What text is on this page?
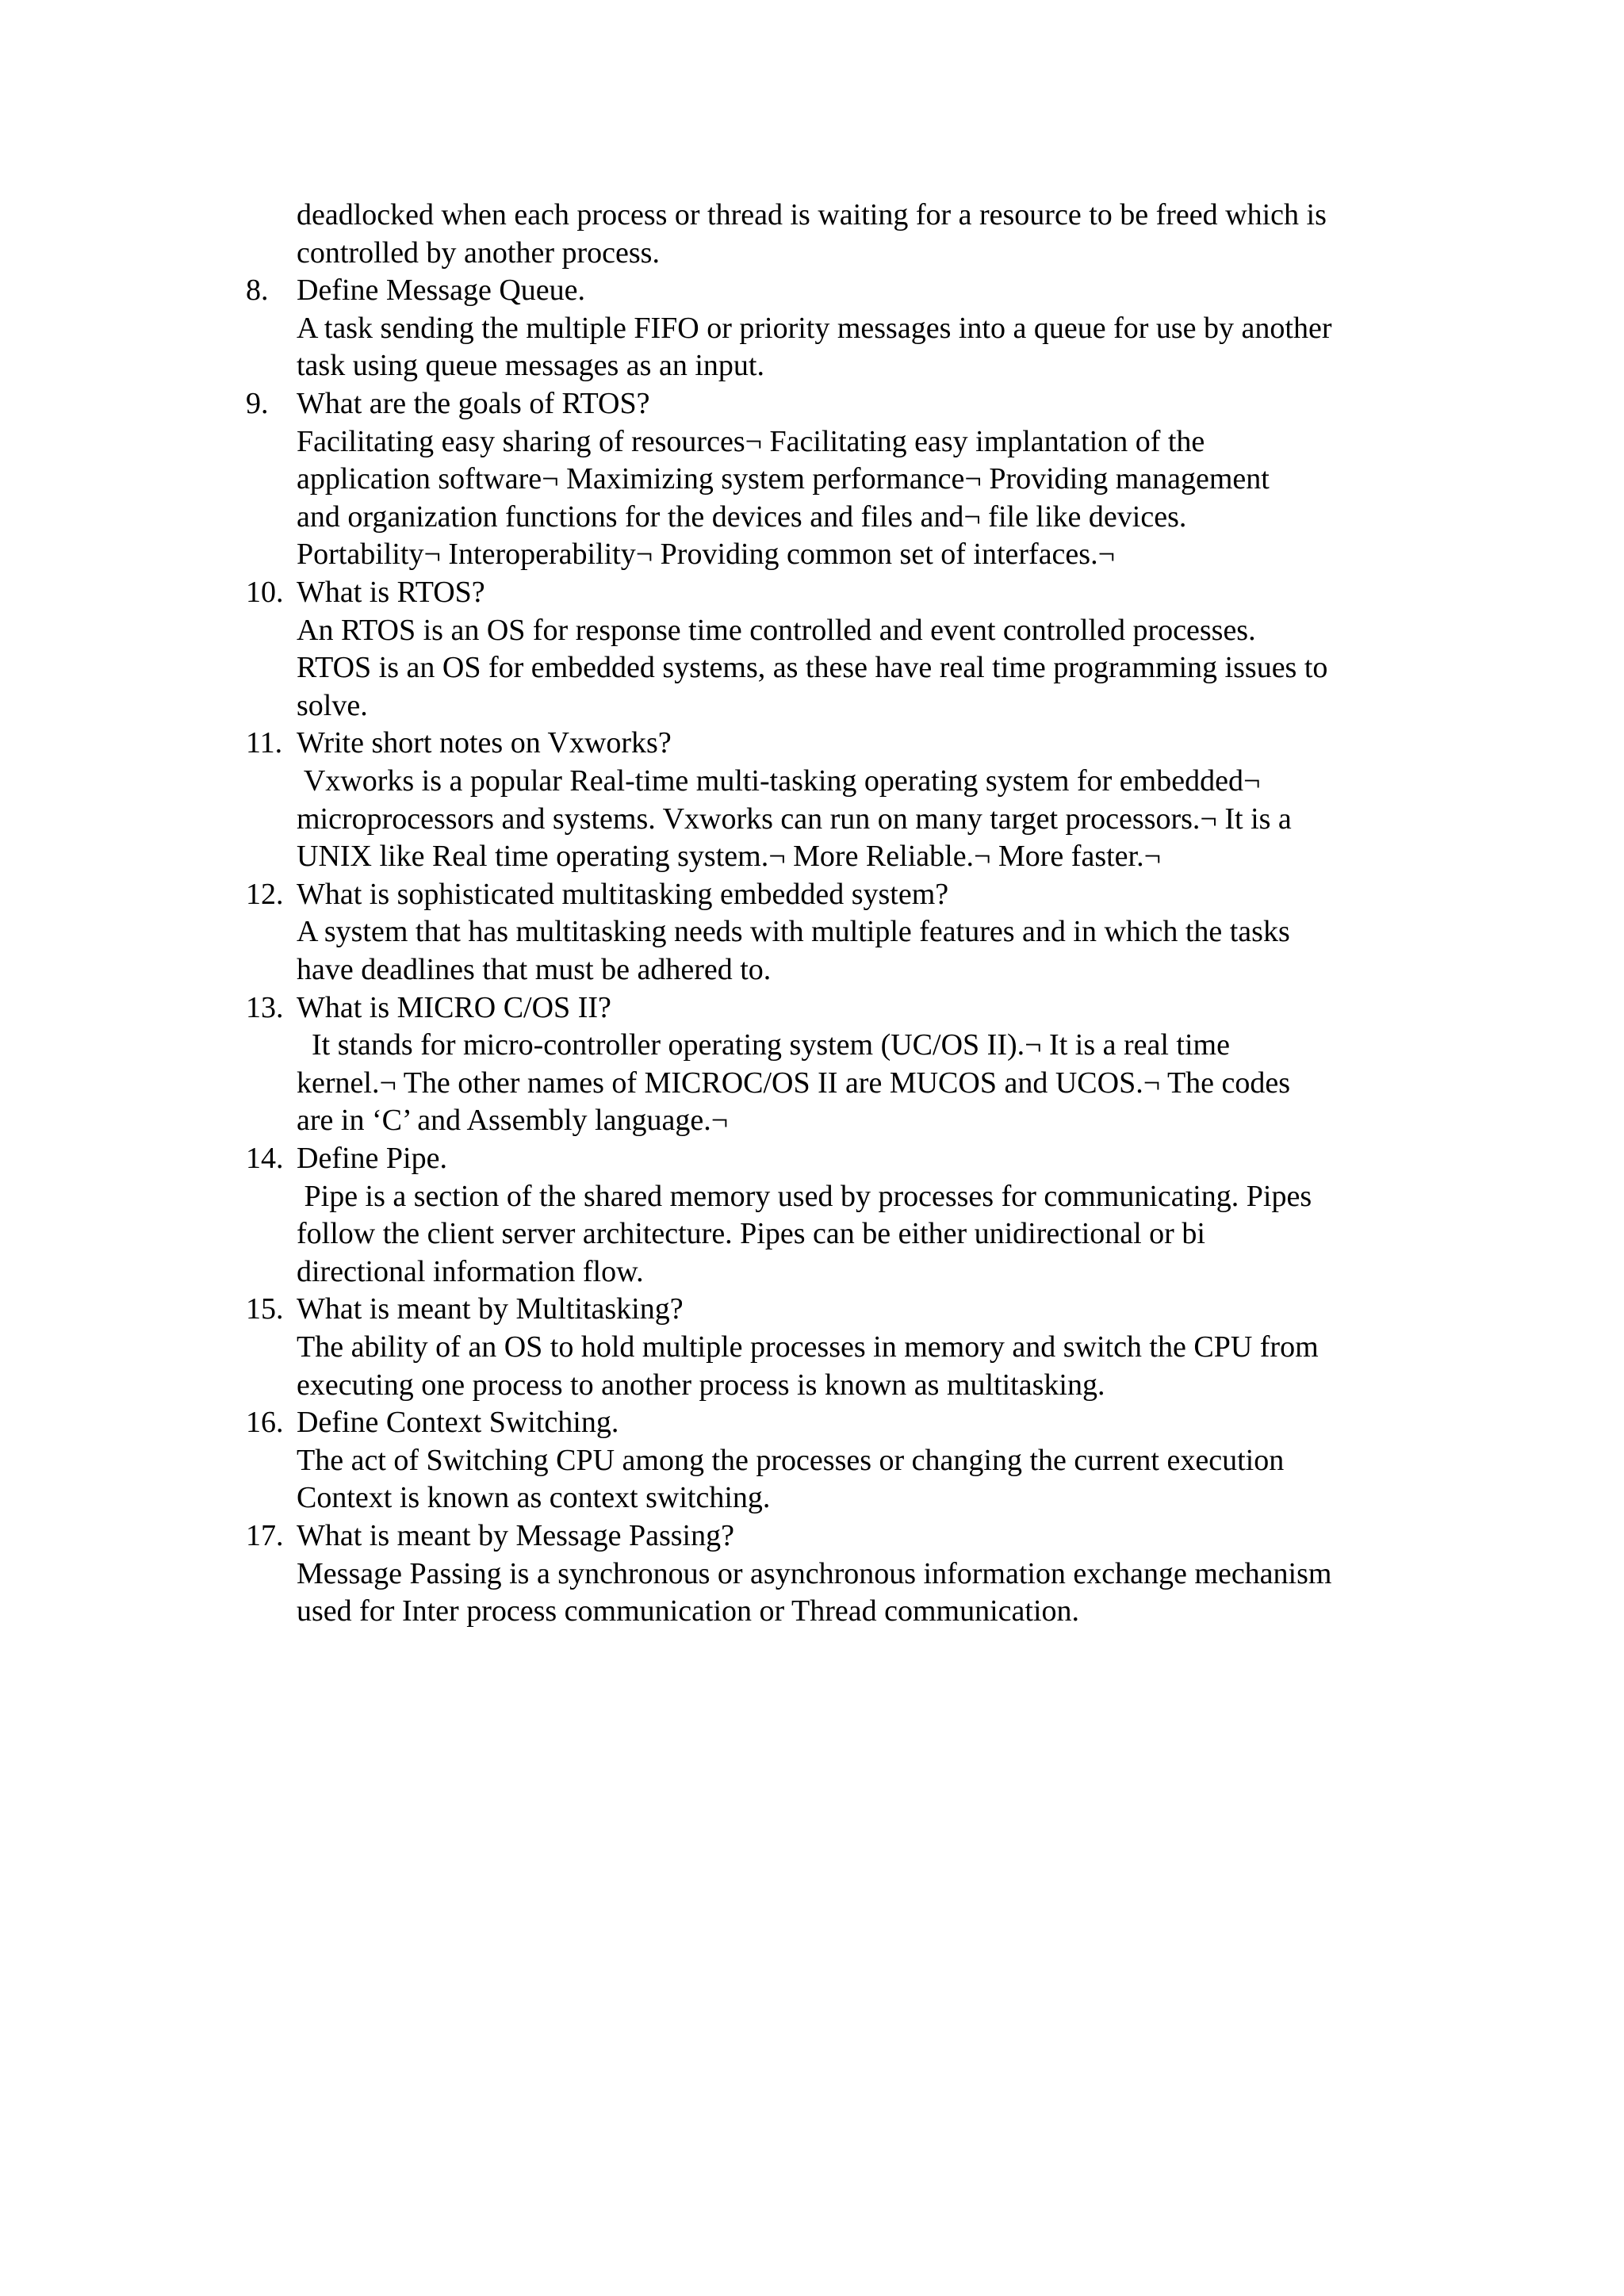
deadlocked when each process or thread is waiting for a resource to be freed which is
controlled by another process.
8. Define Message Queue.
A task sending the multiple FIFO or priority messages into a queue for use by another
task using queue messages as an input.
9. What are the goals of RTOS?
Facilitating easy sharing of resources¬ Facilitating easy implantation of the
application software¬ Maximizing system performance¬ Providing management
and organization functions for the devices and files and¬ file like devices.
Portability¬ Interoperability¬ Providing common set of interfaces.¬
10. What is RTOS?
An RTOS is an OS for response time controlled and event controlled processes.
RTOS is an OS for embedded systems, as these have real time programming issues to
solve.
11. Write short notes on Vxworks?
Vxworks is a popular Real-time multi-tasking operating system for embedded¬
microprocessors and systems. Vxworks can run on many target processors.¬ It is a
UNIX like Real time operating system.¬ More Reliable.¬ More faster.¬
12. What is sophisticated multitasking embedded system?
A system that has multitasking needs with multiple features and in which the tasks
have deadlines that must be adhered to.
13. What is MICRO C/OS II?
It stands for micro-controller operating system (UC/OS II).¬ It is a real time
kernel.¬ The other names of MICROC/OS II are MUCOS and UCOS.¬ The codes
are in ‘C’ and Assembly language.¬
14. Define Pipe.
Pipe is a section of the shared memory used by processes for communicating. Pipes
follow the client server architecture. Pipes can be either unidirectional or bi
directional information flow.
15. What is meant by Multitasking?
The ability of an OS to hold multiple processes in memory and switch the CPU from
executing one process to another process is known as multitasking.
16. Define Context Switching.
The act of Switching CPU among the processes or changing the current execution
Context is known as context switching.
17. What is meant by Message Passing?
Message Passing is a synchronous or asynchronous information exchange mechanism
used for Inter process communication or Thread communication.
